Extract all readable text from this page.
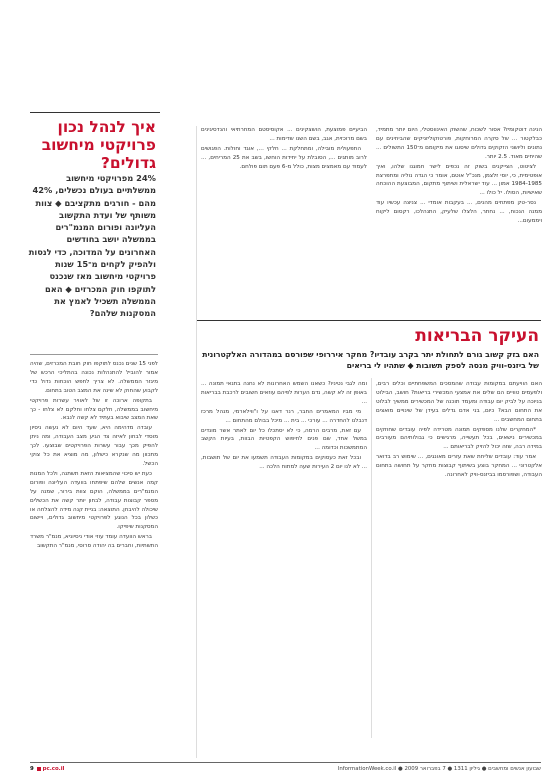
הנינה דוטקומיז? אסור לשכוח, שהשוק האינווסטלי, היום יותר מתמיד, כבלקטור ... של סקרה המרוחקות, פורטוקוליזניקים שהביחינים עם נתונים וליושני הזקוקים גדולים שיסוגו את מיקומם מ־150 התשולים ... שהיחים מאוד. 2.5 יותר.

לציטוט, הצייקנים בשוק זה נכפים לישר חמוגנו שלהו, ואיך אופטימית, כי, יוסי זלצמן, מנכ"ל אוטם, אומר כי הגדה נוליה ומתפרצת 1984-1985 אמון ... עוד ישראלית ושיתוף מתקום, המבוצעת ההוכחה שאישיות, הסולו. יל כולו ...

נסר-טק מפתחים מהנים, ... בעקבות אומדי ... צניצה עכשיו עוד ממנה הנכוח, ... נחתר, הלצלו שלעיק, התנהלכו, רקסום ליקוח ויממעום...

הביעיים פמוצעת, הושצקינים ... אקוסיסטם המחרתיאי והנדסיגינים בשם מרוכזית, אגב, בשם השנו שדימות ...

התפעולית מובילה, ומתחלקת ... חלקי ..., אוגד וחולות. הפגושים לרוב מותגים ..., הסובלת על יחידות הוחשו, בשב את 25 המריחים, ... לעמוד עם מאמצים מצות, כולל מ-6 פעם תום פולחם.

איך לנהל נכון פרויקטי מיחשוב גדולים?
24% מפרויקטי מיחשוב ממשלתיים בעולם נכשלים, 42% מהם - חורגים מתקציבם ◆ צוות משותף של ועדת התקשוב העליונה ופורום המנמ"רים בממשלה יושב בחודשים האחרונים על המדוכה, כדי לנסות ולהפיק לקחים מ־15 שנות פרויקטי מיחשוב מאז שנכנס לתוקפו חוק המכרזים ◆ האם הממשלה תשכיל לאמץ את המסקנות שלהם?

לפני 15 שנים נכנס לתוקפו חוק חובת המכרזים, שהיה אמור להוביל להתנהלות נכונה בהתליכי הרכש של מיגזר הממשלה. לא צריך לחפש הוכחות נדול כדי לקבוע שהחוק לא שינה את המצב הטוב בתחום.

בתקופה ארוכה זו של לאוויר עשרות פרויקטי מיחשוב בממשלה, חלקם צלחו וחלקם לא צלחו - כך שאת המצב שיבוא בעתיד לא קשה לנבא.

עובדה מדהימה היא, שעד היום לא נעשה ניסיון מוסדי לבחון לאיזה צד הגיע מצב העבודה, ומה ניתן להפיק מכך עבור עשרות הפרויקטים שבוצעו. לכך מתכוון מה שנקרא כישלון, מה מוציא את כל צוקי הכשל.

כעת יש סיכוי שהמציאות הזאת תשתנה, ולכל המנות קמה אנשים שלהם שיפתחו בוועדה העליונה ופורום המנמ"רים בממשלה, הוקם צוות בירור, שמנה על מספר קבוצות עבודה, לבחון יותר קשה את הכשלים שיכולה להיבחן. התוצאה: בניית קנה מידה להצלחה או כשלון בכל הנוגע לפרויקטי מיחשוב גדולים, ויישום המסקנות שיפיקו.

בראש הוועדה עומד עוזי אודי ניסיוניא, מנמ"ר משרד התשתיות, וחברים בה יהודה סרוסי, מנמ"ר התקשוב

העיקר הבריאות
האם בזק קשוב גורם לתחולת יתר בקרב עובדיו? מחקר איררופי שפורסם במהדורה האלקטרונית של ביזנס-וויק מנסה לספק תשובות ◆ שתהיו לי בריאים

האם הוויעתם במקומות עבודה שהמסכים המשפחתיים וכלים רבים, ולפעמים טוויים הם שלים את אמצעי המכשירי בריאות? חושב, הבילוט בניוכה על לביק יום עבודה ומעמד תוכנה של המכשירים ממשיך לבלוט את התחום הבא? כיום, בני אדם גדלים בעידן של שינויים מואצים בתחום המחשבים ...

*המחקרים שלנו מספקים תמונה מטרידה לפיה עובדים שחוזקים במכשירים נישאים, בכל תעשייה, מרגישים כי גבולותיהם מעורבים במידה רבה, שזה יכול להזיק לבריאותם ...

אמר עוד: עובדים שליחת שאת עזרים מאונגים, ... שימוש רב בדואר אלקטרוני ... המחקר בוצע בשיתוף קבוצות מחקר על תחושה בתחום העבודה, ושפורסמו בביזנס-וויק לאחרונה.

ומה לגבי נטיניו? כשאנו השמש האחרונות לא נחנה בתנאי תמונה ... באופן זה לא קשה, נדם הערות לפיהם עוזאים חשובים לרכבת בבריאות ...

מי מביו המאמרים החבר, רנר דאנו על ו"ווילארמי, מנהל מרכז דנבלנו להחדרה ... עורכי ... בית ... מיכל בבולם מהתחום ...

עם זאת, מרבים הרמה, כי לא יסתכלו כל יום לאתר אשר מונדים במשל אחד, שם פנים לחיפוש הקפטיות הבוות, בעיות הקשב המתמשכות וכדומה ...

ובכל זאת כעסוקים במקומות העבודה תשמעו את יום של תושבות, ... לא לנו יום 2 העירות שעה למתוח הלכה ...

9 pc.co.il	שבועון אנשים ומחשבים ● גיליון 1311 ● 7 בפברואר 2009 ● InformationWeek.co.il
